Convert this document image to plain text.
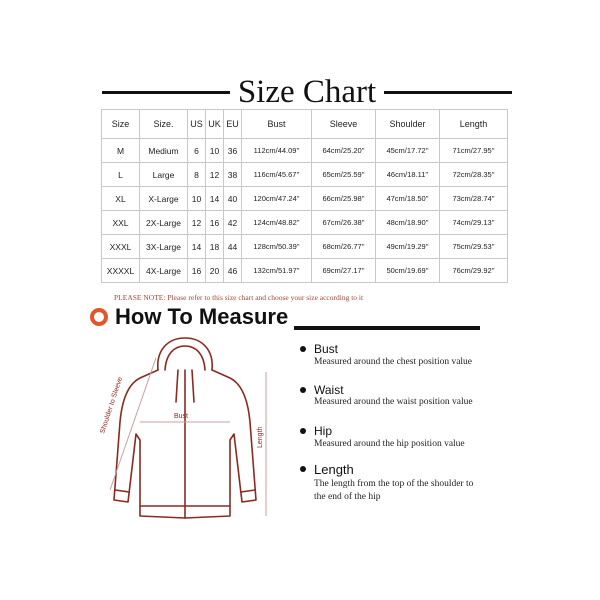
Size Chart
Size	Size.	US	UK	EU	Bust	Sleeve	Shoulder	Length
M	Medium	6	10	36	112cm/44.09''	64cm/25.20''	45cm/17.72''	71cm/27.95''
L	Large	8	12	38	116cm/45.67''	65cm/25.59''	46cm/18.11''	72cm/28.35''
XL	X-Large	10	14	40	120cm/47.24''	66cm/25.98''	47cm/18.50''	73cm/28.74''
XXL	2X-Large	12	16	42	124cm/48.82''	67cm/26.38''	48cm/18.90''	74cm/29.13''
XXXL	3X-Large	14	18	44	128cm/50.39''	68cm/26.77''	49cm/19.29''	75cm/29.53''
XXXXL	4X-Large	16	20	46	132cm/51.97''	69cm/27.17''	50cm/19.69''	76cm/29.92''
PLEASE NOTE: Please refer to this size chart and choose your size according to it
How To Measure
Shoulder to Sleeve	Bust
Length
Bust
Measured around the chest position value
Waist
Measured around the waist position value
Hip
Measured around the hip position value
Length
The length from the top of the shoulder to
the end of the hip
